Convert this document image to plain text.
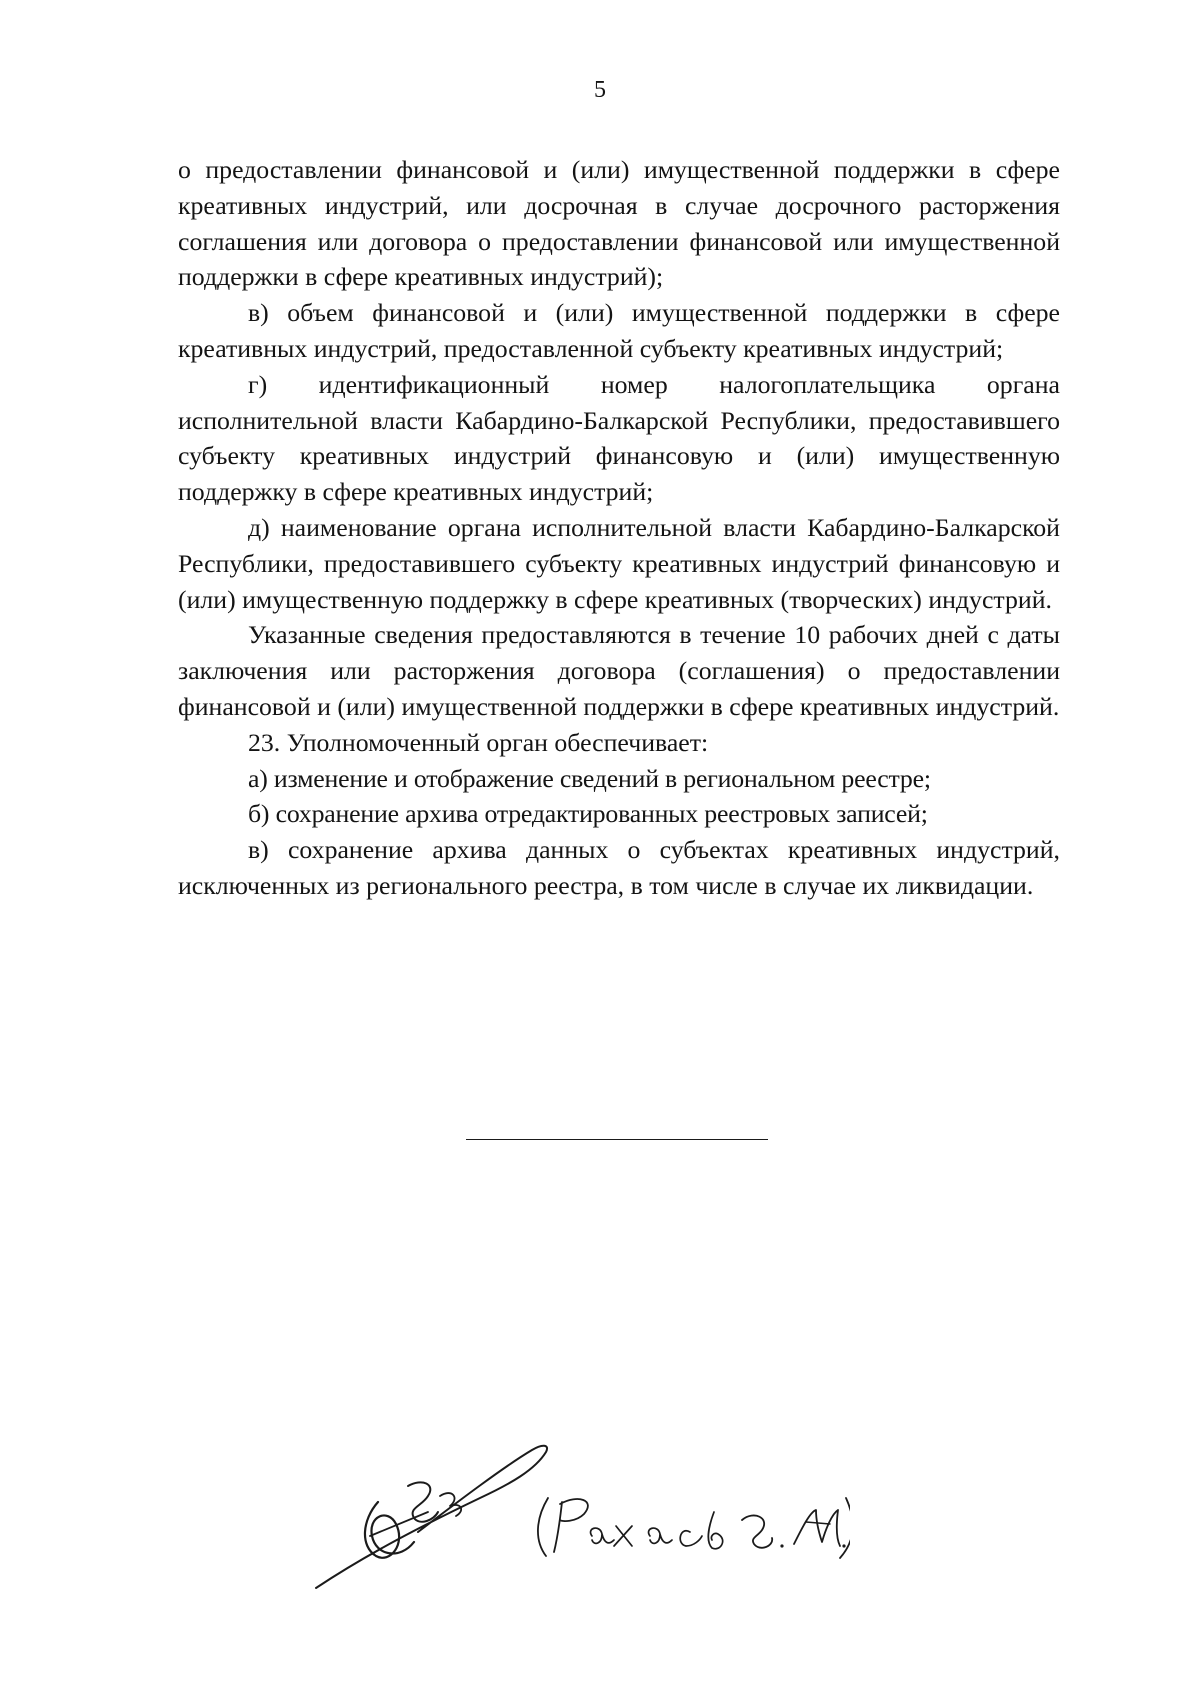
5

о предоставлении финансовой и (или) имущественной поддержки в сфере креативных индустрий, или досрочная в случае досрочного расторжения соглашения или договора о предоставлении финансовой или имущественной поддержки в сфере креативных индустрий);

в) объем финансовой и (или) имущественной поддержки в сфере креативных индустрий, предоставленной субъекту креативных индустрий;

г) идентификационный номер налогоплательщика органа исполнительной власти Кабардино-Балкарской Республики, предоставившего субъекту креативных индустрий финансовую и (или) имущественную поддержку в сфере креативных индустрий;

д) наименование органа исполнительной власти Кабардино-Балкарской Республики, предоставившего субъекту креативных индустрий финансовую и (или) имущественную поддержку в сфере креативных (творческих) индустрий.

Указанные сведения предоставляются в течение 10 рабочих дней с даты заключения или расторжения договора (соглашения) о предоставлении финансовой и (или) имущественной поддержки в сфере креативных индустрий.

23. Уполномоченный орган обеспечивает:

а) изменение и отображение сведений в региональном реестре;

б) сохранение архива отредактированных реестровых записей;

в) сохранение архива данных о субъектах креативных индустрий, исключенных из регионального реестра, в том числе в случае их ликвидации.
